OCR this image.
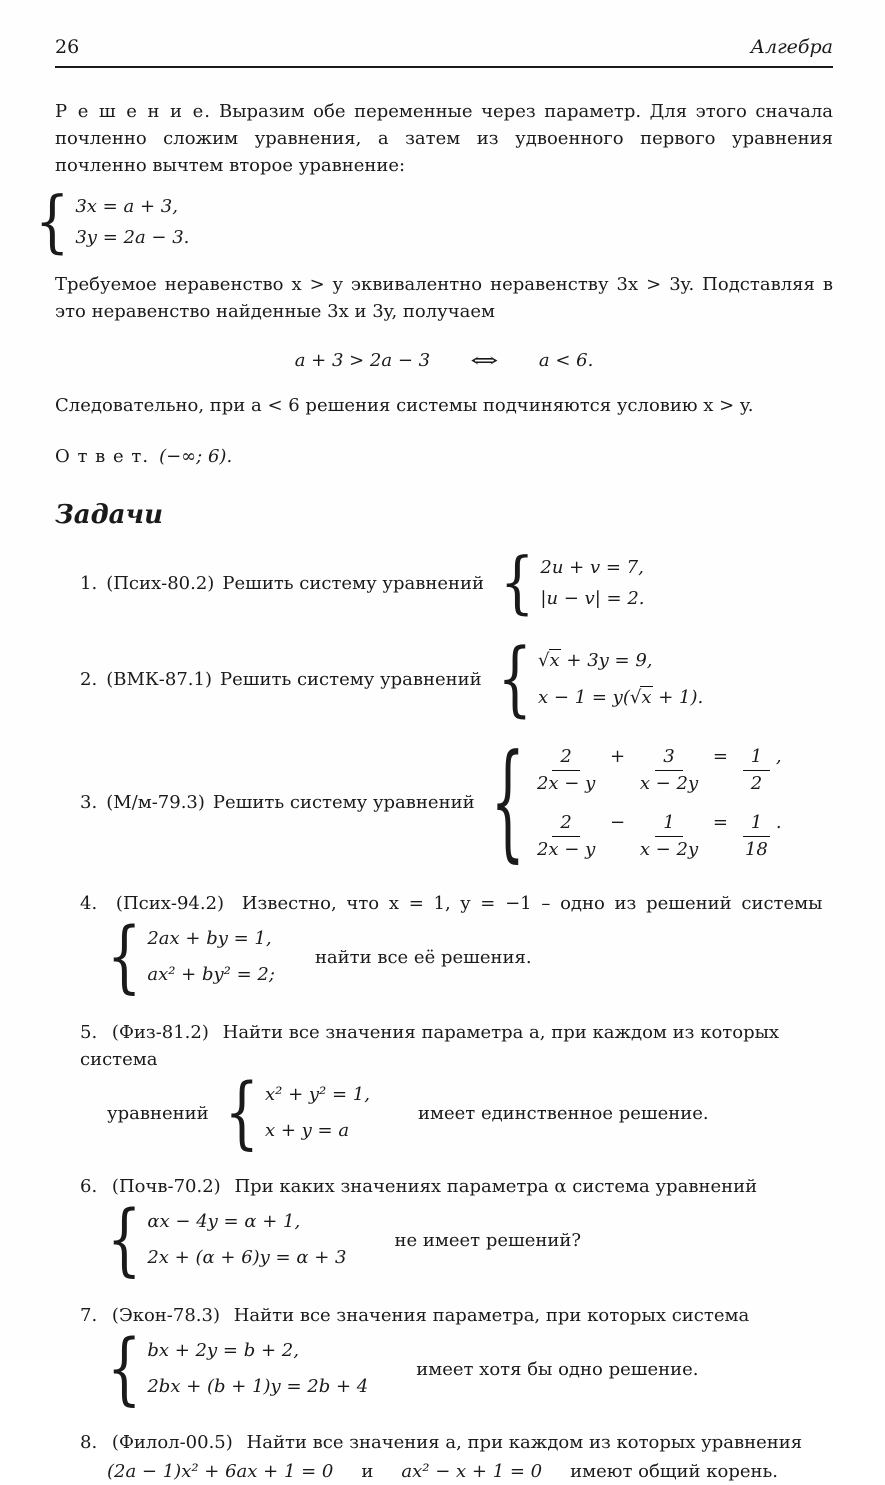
26	Алгебра

Р е ш е н и е. Выразим обе переменные через параметр. Для этого сначала почленно сложим уравнения, а затем из удвоенного первого уравнения почленно вычтем второе уравнение:

{ 3x = a + 3,
3y = 2a − 3.

Требуемое неравенство x > y эквивалентно неравенству 3x > 3y. Подставляя в это неравенство найденные 3x и 3y, получаем

a + 3 > 2a − 3 ⇔ a < 6.

Следовательно, при a < 6 решения системы подчиняются условию x > y.

О т в е т. (−∞; 6).

Задачи
1. (Псих-80.2) Решить систему уравнений { 2u + v = 7,
|u − v| = 2.
2. (ВМК-87.1) Решить систему уравнений { √x + 3y = 9,
x − 1 = y(√x + 1).
3. (М/м-79.3) Решить систему уравнений { $\frac{2}{2x - y} + \frac{3}{x - 2y} = \frac{1}{2}$ ,
$\frac{2}{2x - y} - \frac{1}{x - 2y} = \frac{1}{18}$ .
4. (Псих-94.2) Известно, что x = 1, y = −1 – одно из решений системы
{ 2ax + by = 1,
ax² + by² = 2;
найти все её решения.
5. (Физ-81.2) Найти все значения параметра a, при каждом из которых система
уравнений { x² + y² = 1,
x + y = a
имеет единственное решение.
6. (Почв-70.2) При каких значениях параметра α система уравнений
{ αx − 4y = α + 1,
2x + (α + 6)y = α + 3
не имеет решений?
7. (Экон-78.3) Найти все значения параметра, при которых система
{ bx + 2y = b + 2,
2bx + (b + 1)y = 2b + 4
имеет хотя бы одно решение.
8. (Филол-00.5) Найти все значения a, при каждом из которых уравнения
(2a − 1)x² + 6ax + 1 = 0 и ax² − x + 1 = 0 имеют общий корень.
